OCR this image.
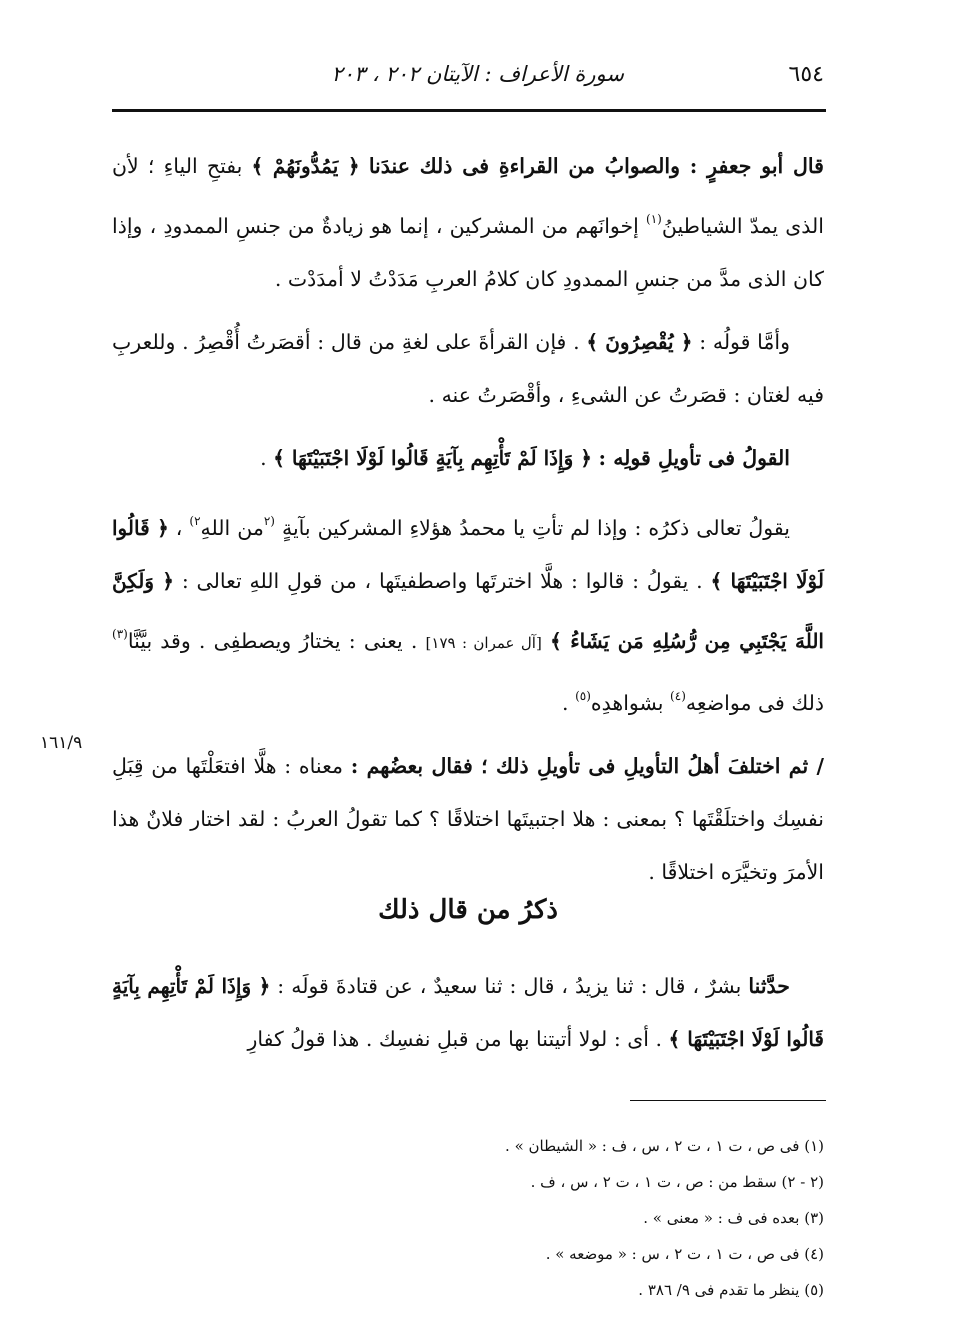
٦٥٤
سورة الأعراف : الآيتان ٢٠٢ ، ٢٠٣

قال أبو جعفرٍ : والصوابُ من القراءةِ فى ذلك عندَنا ﴿ يَمُدُّونَهُمْ ﴾ بفتحِ الياءِ ؛ لأن الذى يمدّ الشياطينُ$^{(١)}$ إخوانَهم من المشركين ، إنما هو زيادةٌ من جنسِ الممدودِ ، وإذا كان الذى مدَّ من جنسِ الممدودِ كان كلامُ العربِ مَدَدْتُ لا أمدَدْت .

وأمَّا قولُه : ﴿ يُقْصِرُونَ ﴾ . فإن القرأةَ على لغةِ من قال : أقصَرتُ أُقْصِرُ . وللعربِ فيه لغتان : قصَرتُ عن الشىءِ ، وأقْصَرتُ عنه .

القولُ فى تأويلِ قولِه : ﴿ وَإِذَا لَمْ تَأْتِهِم بِآيَةٍ قَالُوا لَوْلَا اجْتَبَيْتَهَا ﴾ .

يقولُ تعالى ذكرُه : وإذا لم تأتِ يا محمدُ هؤلاءِ المشركين بآيةٍ $^{(٢}$من اللهِ$^{٢)}$ ، ﴿ قَالُوا لَوْلَا اجْتَبَيْتَهَا ﴾ . يقولُ : قالوا : هلَّا اخترتَها واصطفيتَها ، من قولِ اللهِ تعالى : ﴿ وَلَكِنَّ اللَّهَ يَجْتَبِي مِن رُّسُلِهِ مَن يَشَاءُ ﴾ [آل عمران : ١٧٩] . يعنى : يختارُ ويصطفِى . وقد بيَّنَّا$^{(٣)}$ ذلك فى مواضعِه$^{(٤)}$ بشواهدِه$^{(٥)}$ .

/ ثم اختلفَ أهلُ التأويلِ فى تأويلِ ذلك ؛ فقال بعضُهم : معناه : هلَّا افتعَلْتَها من قِبَلِ نفسِك واختلَقْتَها ؟ بمعنى : هلا اجتبيتَها اختلاقًا ؟ كما تقولُ العربُ : لقد اختار فلانٌ هذا الأمرَ وتخيَّرَه اختلاقًا .

١٦١/٩
ذكرُ من قال ذلك

حدَّثنا بشرٌ ، قال : ثنا يزيدُ ، قال : ثنا سعيدٌ ، عن قتادةَ قولَه : ﴿ وَإِذَا لَمْ تَأْتِهِم بِآيَةٍ قَالُوا لَوْلَا اجْتَبَيْتَهَا ﴾ . أى : لولا أتيتنا بها من قبلِ نفسِك . هذا قولُ كفارِ

(١) فى ص ، ت ١ ، ت ٢ ، س ، ف : « الشيطان » .
(٢ - ٢) سقط من : ص ، ت ١ ، ت ٢ ، س ، ف .
(٣) بعده فى ف : « معنى » .
(٤) فى ص ، ت ١ ، ت ٢ ، س : « موضعه » .
(٥) ينظر ما تقدم فى ٩/ ٣٨٦ .
